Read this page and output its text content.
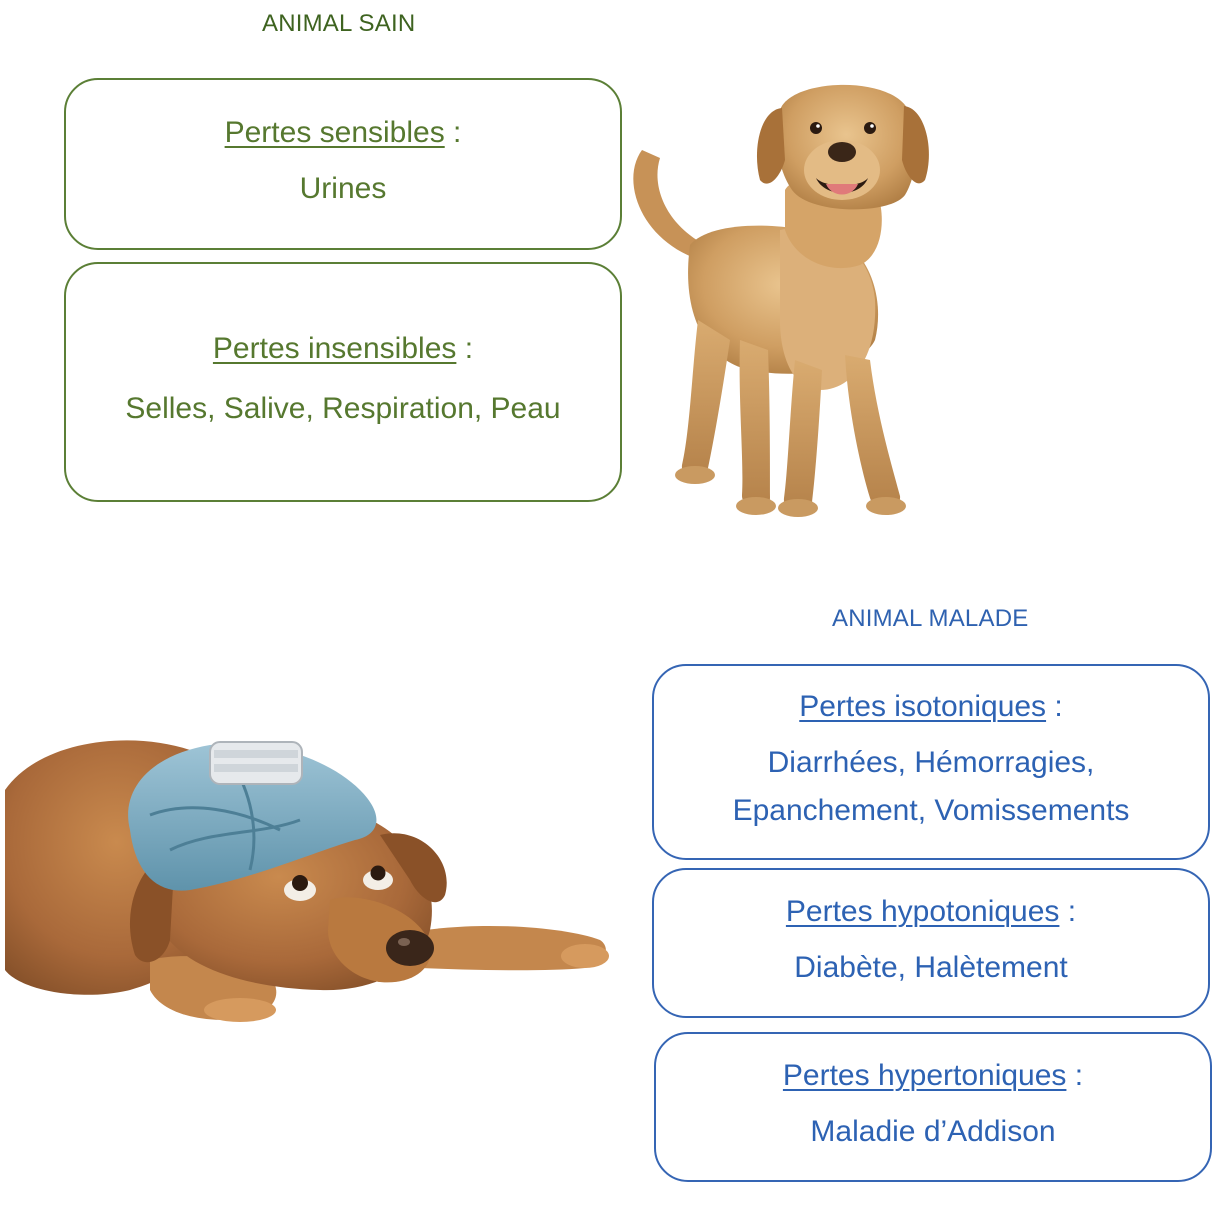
ANIMAL SAIN
Pertes sensibles :
Urines
Pertes insensibles :
Selles, Salive, Respiration, Peau
ANIMAL MALADE
Pertes isotoniques :
Diarrhées, Hémorragies,
Epanchement, Vomissements
Pertes hypotoniques :
Diabète, Halètement
Pertes hypertoniques :
Maladie d’Addison
